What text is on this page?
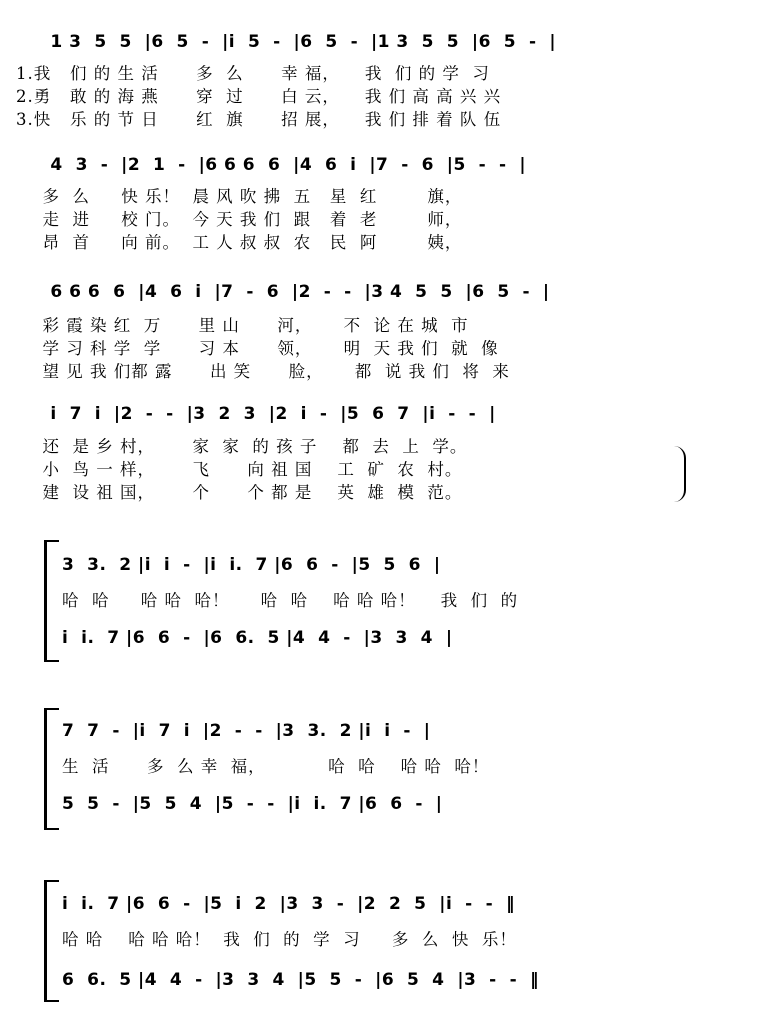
1 3  5  5  |6  5  -  |i  5  -  |6  5  -  |1 3  5  5  |6  5  -  |
1.我   们 的 生 活      多  么      幸 福，    我  们 的 学  习
2.勇   敢 的 海 燕      穿  过      白 云，    我 们 高 高 兴 兴
3.快   乐 的 节 日      红  旗      招 展，    我 们 排 着 队 伍
4  3  -  |2  1  -  |6 6 6  6  |4  6  i  |7  -  6  |5  -  -  |
多  么     快 乐！  晨 风 吹 拂  五   星  红        旗，
走  进     校 门。  今 天 我 们  跟   着  老        师，
昂  首     向 前。  工 人 叔 叔  农   民  阿        姨，
6 6 6  6  |4  6  i  |7  -  6  |2  -  -  |3 4  5  5  |6  5  -  |
彩 霞 染 红  万      里 山      河，     不  论 在 城  市
学 习 科 学  学      习 本      领，     明  天 我 们  就  像
望 见 我 们都 露      出 笑      脸，     都  说 我 们  将  来
i  7  i  |2  -  -  |3  2  3  |2  i  -  |5  6  7  |i  -  -  |
还  是 乡 村，      家  家  的 孩 子    都  去  上  学。
小  鸟 一 样，      飞      向 祖 国    工  矿  农  村。
建  设 祖 国，      个      个 都 是    英  雄  模  范。
3  3.  2 |i  i  -  |i  i.  7 |6  6  -  |5  5  6  |
哈  哈     哈 哈  哈！     哈  哈    哈 哈 哈！    我  们  的
i  i.  7 |6  6  -  |6  6.  5 |4  4  -  |3  3  4  |
7  7  -  |i  7  i  |2  -  -  |3  3.  2 |i  i  -  |
生  活      多  么 幸  福，          哈  哈    哈 哈  哈！
5  5  -  |5  5  4  |5  -  -  |i  i.  7 |6  6  -  |
i  i.  7 |6  6  -  |5  i  2  |3  3  -  |2  2  5  |i  -  -  ‖
哈 哈    哈 哈 哈！  我  们  的  学  习     多  么  快  乐！
6  6.  5 |4  4  -  |3  3  4  |5  5  -  |6  5  4  |3  -  -  ‖
